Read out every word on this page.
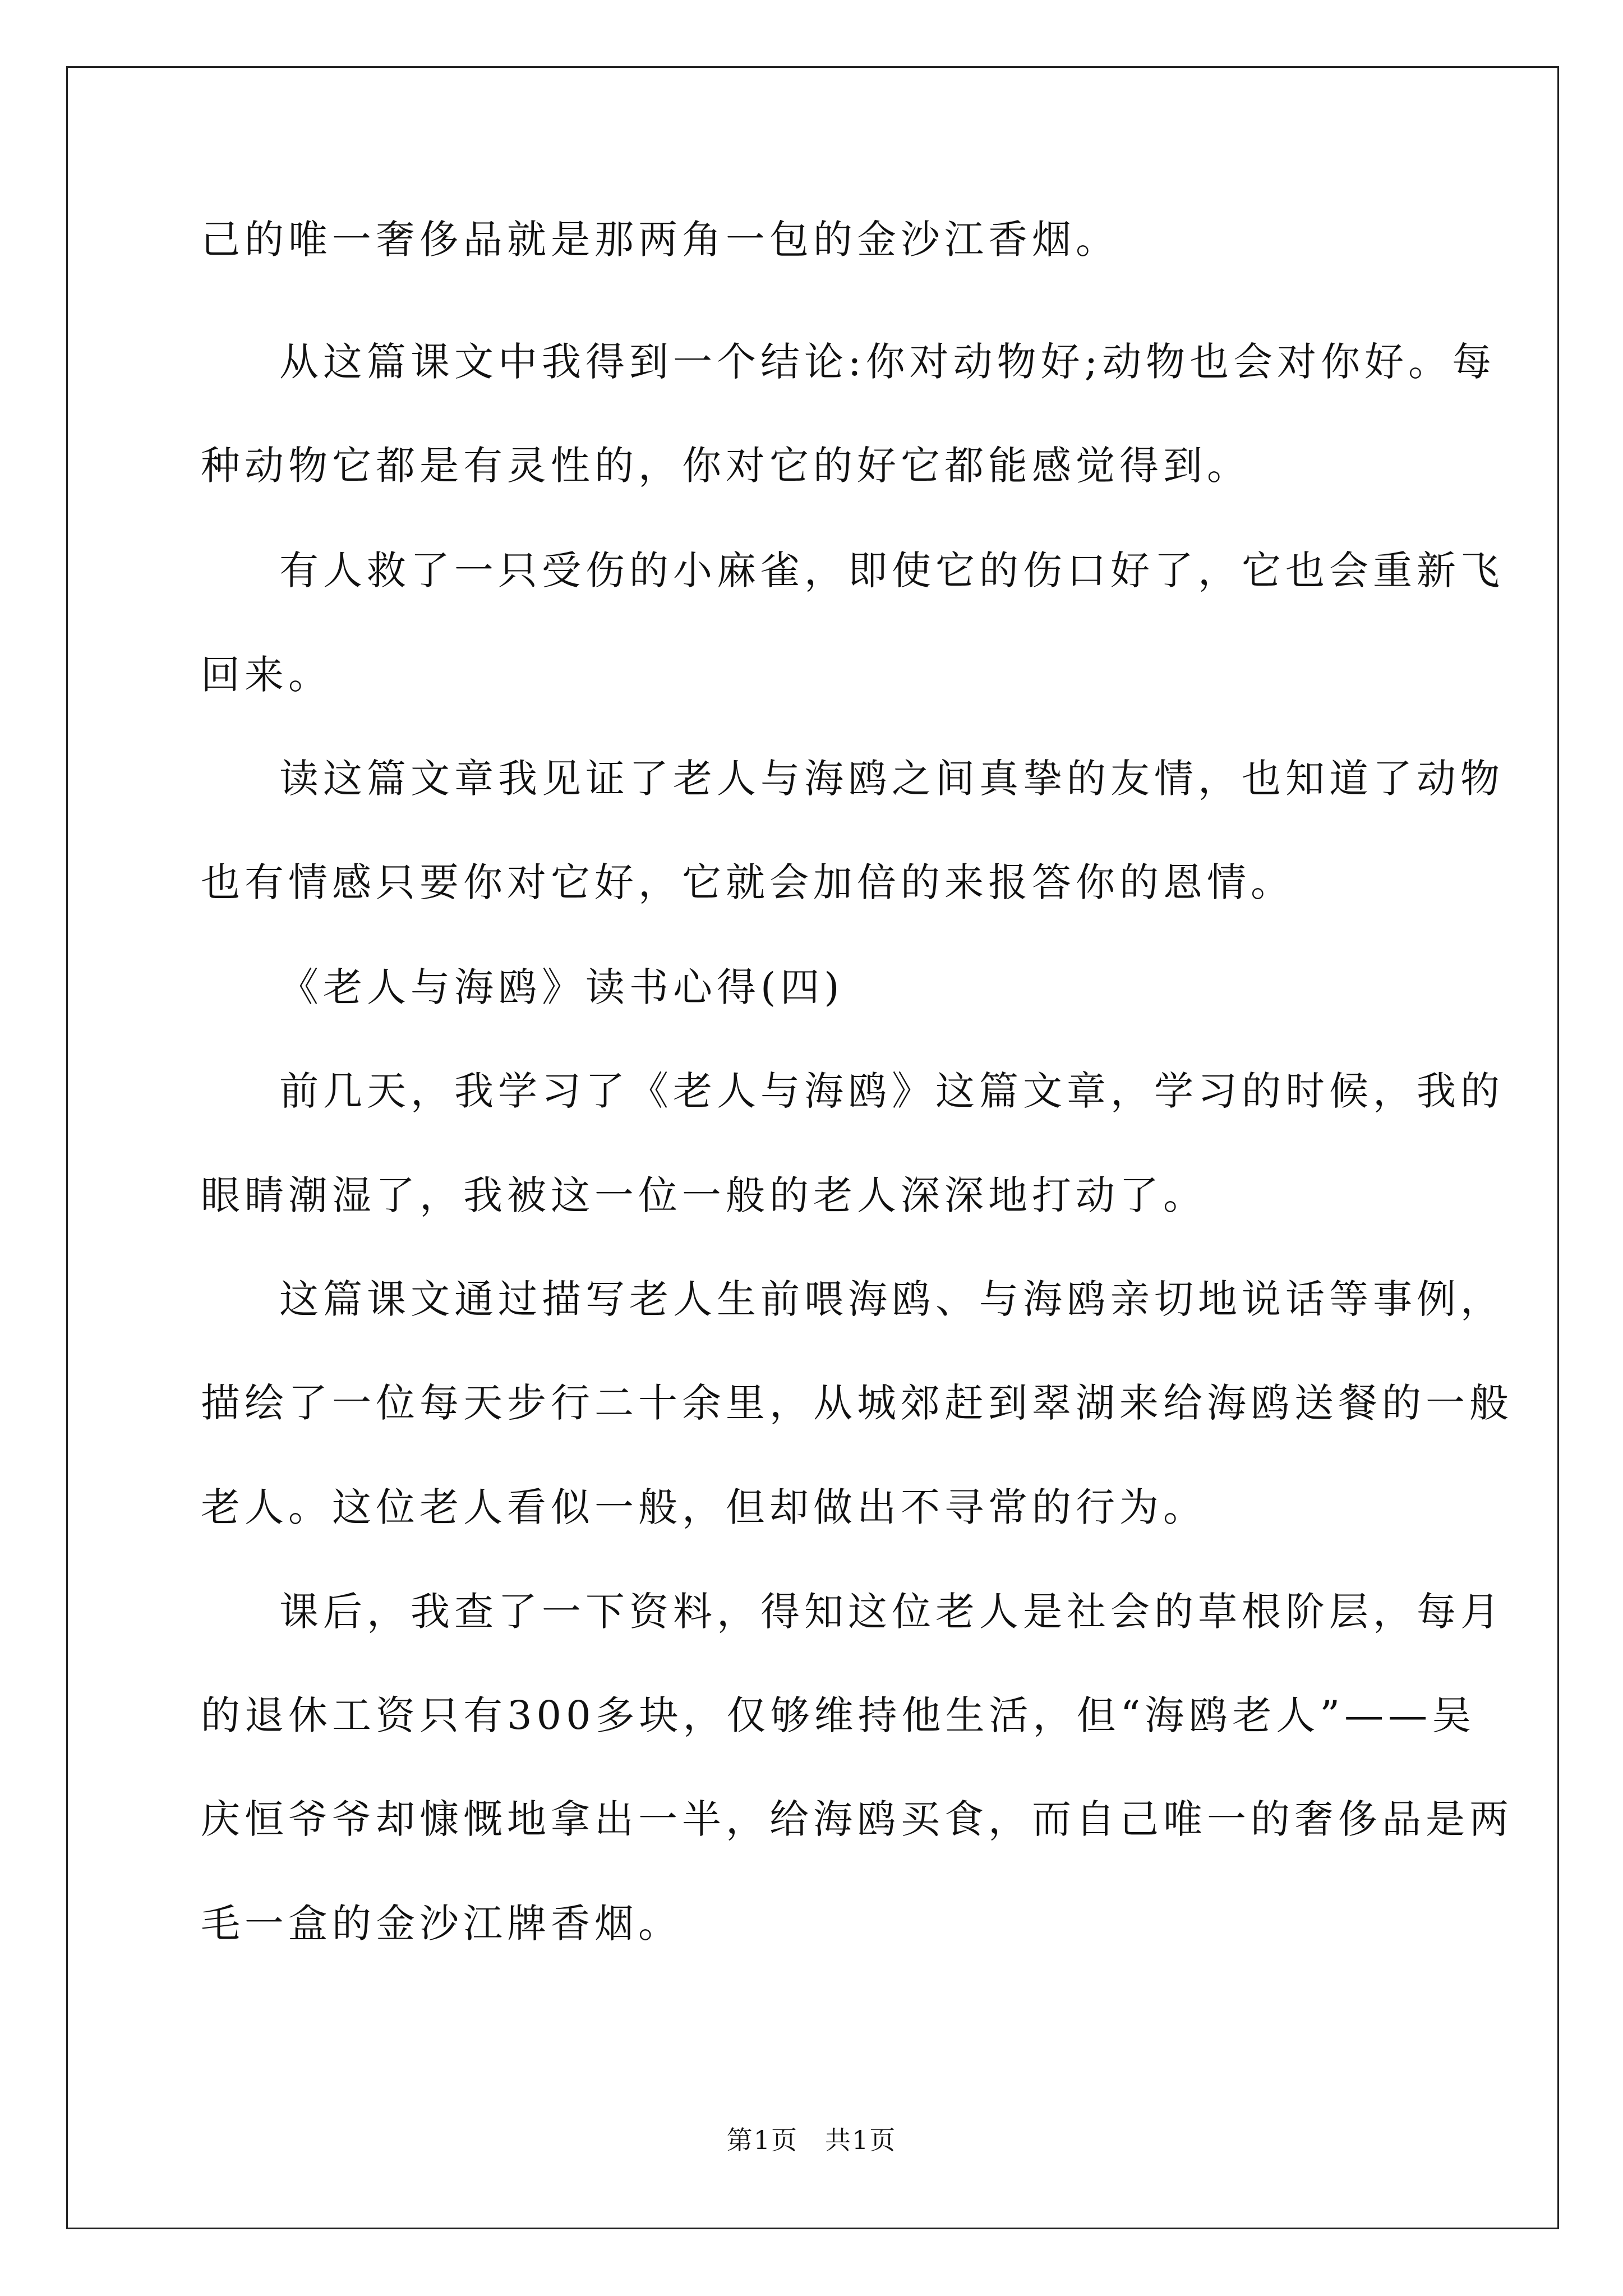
己的唯一奢侈品就是那两角一包的金沙江香烟。
从这篇课文中我得到一个结论:你对动物好;动物也会对你好。每
种动物它都是有灵性的，你对它的好它都能感觉得到。
有人救了一只受伤的小麻雀，即使它的伤口好了，它也会重新飞
回来。
读这篇文章我见证了老人与海鸥之间真挚的友情，也知道了动物
也有情感只要你对它好，它就会加倍的来报答你的恩情。
《老人与海鸥》读书心得(四)
前几天，我学习了《老人与海鸥》这篇文章，学习的时候，我的
眼睛潮湿了，我被这一位一般的老人深深地打动了。
这篇课文通过描写老人生前喂海鸥、与海鸥亲切地说话等事例，
描绘了一位每天步行二十余里，从城郊赶到翠湖来给海鸥送餐的一般
老人。这位老人看似一般，但却做出不寻常的行为。
课后，我查了一下资料，得知这位老人是社会的草根阶层，每月
的退休工资只有300多块，仅够维持他生活，但“海鸥老人”——吴
庆恒爷爷却慷慨地拿出一半，给海鸥买食，而自己唯一的奢侈品是两
毛一盒的金沙江牌香烟。
第1页 共1页
